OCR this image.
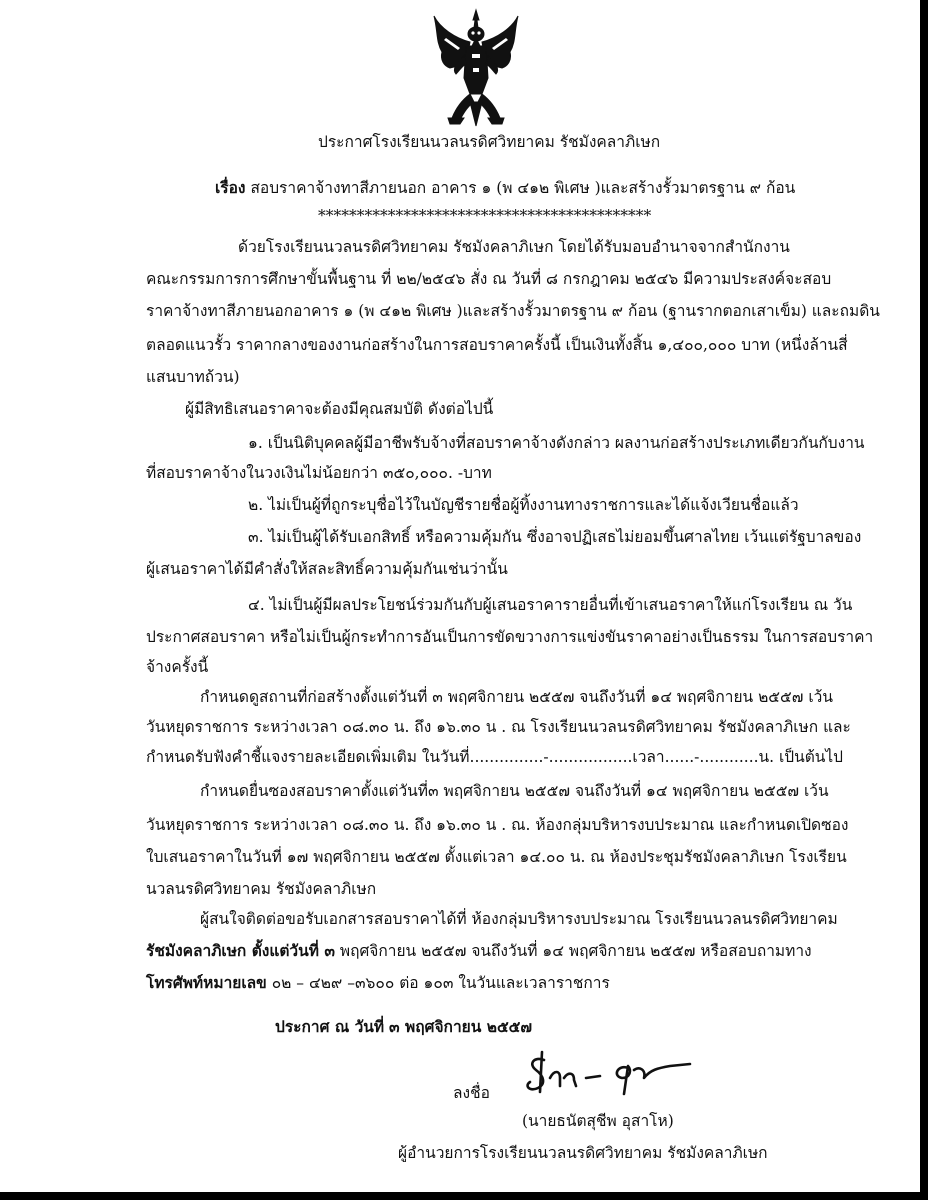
ประกาศโรงเรียนนวลนรดิศวิทยาคม รัชมังคลาภิเษก
เรื่อง สอบราคาจ้างทาสีภายนอก อาคาร ๑ (พ ๔๑๒ พิเศษ )และสร้างรั้วมาตรฐาน ๙ ก้อน
*******************************************
ด้วยโรงเรียนนวลนรดิศวิทยาคม รัชมังคลาภิเษก โดยได้รับมอบอำนาจจากสำนักงาน
คณะกรรมการการศึกษาขั้นพื้นฐาน ที่ ๒๒/๒๕๔๖ สั่ง ณ วันที่ ๘ กรกฎาคม ๒๕๔๖ มีความประสงค์จะสอบ
ราคาจ้างทาสีภายนอกอาคาร ๑ (พ ๔๑๒ พิเศษ )และสร้างรั้วมาตรฐาน ๙ ก้อน (ฐานรากตอกเสาเข็ม) และถมดิน
ตลอดแนวรั้ว ราคากลางของงานก่อสร้างในการสอบราคาครั้งนี้ เป็นเงินทั้งสิ้น ๑,๔๐๐,๐๐๐ บาท (หนึ่งล้านสี่
แสนบาทถ้วน)
ผู้มีสิทธิเสนอราคาจะต้องมีคุณสมบัติ ดังต่อไปนี้
๑. เป็นนิติบุคคลผู้มีอาชีพรับจ้างที่สอบราคาจ้างดังกล่าว ผลงานก่อสร้างประเภทเดียวกันกับงาน
ที่สอบราคาจ้างในวงเงินไม่น้อยกว่า ๓๕๐,๐๐๐. -บาท
๒. ไม่เป็นผู้ที่ถูกระบุชื่อไว้ในบัญชีรายชื่อผู้ทิ้งงานทางราชการและได้แจ้งเวียนชื่อแล้ว
๓. ไม่เป็นผู้ได้รับเอกสิทธิ์ หรือความคุ้มกัน ซึ่งอาจปฏิเสธไม่ยอมขึ้นศาลไทย เว้นแต่รัฐบาลของ
ผู้เสนอราคาได้มีคำสั่งให้สละสิทธิ์ความคุ้มกันเช่นว่านั้น
๔. ไม่เป็นผู้มีผลประโยชน์ร่วมกันกับผู้เสนอราคารายอื่นที่เข้าเสนอราคาให้แก่โรงเรียน ณ วัน
ประกาศสอบราคา หรือไม่เป็นผู้กระทำการอันเป็นการขัดขวางการแข่งขันราคาอย่างเป็นธรรม ในการสอบราคา
จ้างครั้งนี้
กำหนดดูสถานที่ก่อสร้างตั้งแต่วันที่ ๓ พฤศจิกายน ๒๕๕๗ จนถึงวันที่ ๑๔ พฤศจิกายน ๒๕๕๗ เว้น
วันหยุดราชการ ระหว่างเวลา ๐๘.๓๐ น. ถึง ๑๖.๓๐ น . ณ โรงเรียนนวลนรดิศวิทยาคม รัชมังคลาภิเษก และ
กำหนดรับฟังคำชี้แจงรายละเอียดเพิ่มเติม ในวันที่...............-.................เวลา......-............น. เป็นต้นไป
กำหนดยื่นซองสอบราคาตั้งแต่วันที่๓ พฤศจิกายน ๒๕๕๗ จนถึงวันที่ ๑๔ พฤศจิกายน ๒๕๕๗ เว้น
วันหยุดราชการ ระหว่างเวลา ๐๘.๓๐ น. ถึง ๑๖.๓๐ น . ณ. ห้องกลุ่มบริหารงบประมาณ และกำหนดเปิดซอง
ใบเสนอราคาในวันที่ ๑๗ พฤศจิกายน ๒๕๕๗ ตั้งแต่เวลา ๑๔.๐๐ น. ณ ห้องประชุมรัชมังคลาภิเษก โรงเรียน
นวลนรดิศวิทยาคม รัชมังคลาภิเษก
ผู้สนใจติดต่อขอรับเอกสารสอบราคาได้ที่ ห้องกลุ่มบริหารงบประมาณ โรงเรียนนวลนรดิศวิทยาคม
รัชมังคลาภิเษก ตั้งแต่วันที่ ๓ พฤศจิกายน ๒๕๕๗ จนถึงวันที่ ๑๔ พฤศจิกายน ๒๕๕๗ หรือสอบถามทาง
โทรศัพท์หมายเลข ๐๒ – ๔๒๙ –๓๖๐๐ ต่อ ๑๐๓ ในวันและเวลาราชการ
ประกาศ ณ วันที่ ๓ พฤศจิกายน ๒๕๕๗
ลงชื่อ
(นายธนัตสุชีพ อุสาโห)
ผู้อำนวยการโรงเรียนนวลนรดิศวิทยาคม รัชมังคลาภิเษก
